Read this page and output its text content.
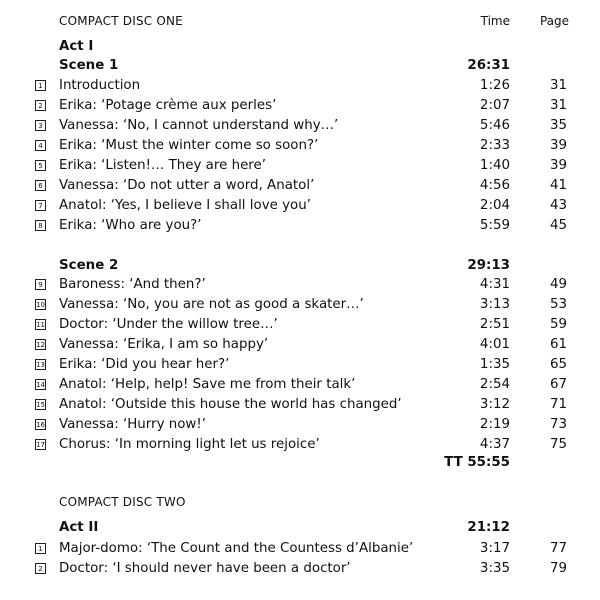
COMPACT DISC ONE	Time Page
Act I
Scene 1	26:31
1 Introduction	1:26	31
2 Erika: ‘Potage crème aux perles’	2:07	31
3 Vanessa: ‘No, I cannot understand why…’	5:46	35
4 Erika: ‘Must the winter come so soon?’	2:33	39
5 Erika: ‘Listen!… They are here’	1:40	39
6 Vanessa: ‘Do not utter a word, Anatol’	4:56	41
7 Anatol: ‘Yes, I believe I shall love you’	2:04	43
8 Erika: ‘Who are you?’	5:59	45
Scene 2	29:13
9 Baroness: ‘And then?’	4:31	49
10 Vanessa: ‘No, you are not as good a skater…’	3:13	53
11 Doctor: ‘Under the willow tree…’	2:51	59
12 Vanessa: ‘Erika, I am so happy’	4:01	61
13 Erika: ‘Did you hear her?’	1:35	65
14 Anatol: ‘Help, help! Save me from their talk’	2:54	67
15 Anatol: ‘Outside this house the world has changed’	3:12	71
16 Vanessa: ‘Hurry now!’	2:19	73
17 Chorus: ‘In morning light let us rejoice’	4:37	75
TT 55:55
COMPACT DISC TWO
Act II	21:12
1 Major-domo: ‘The Count and the Countess d’Albanie’	3:17	77
2 Doctor: ‘I should never have been a doctor’	3:35	79
